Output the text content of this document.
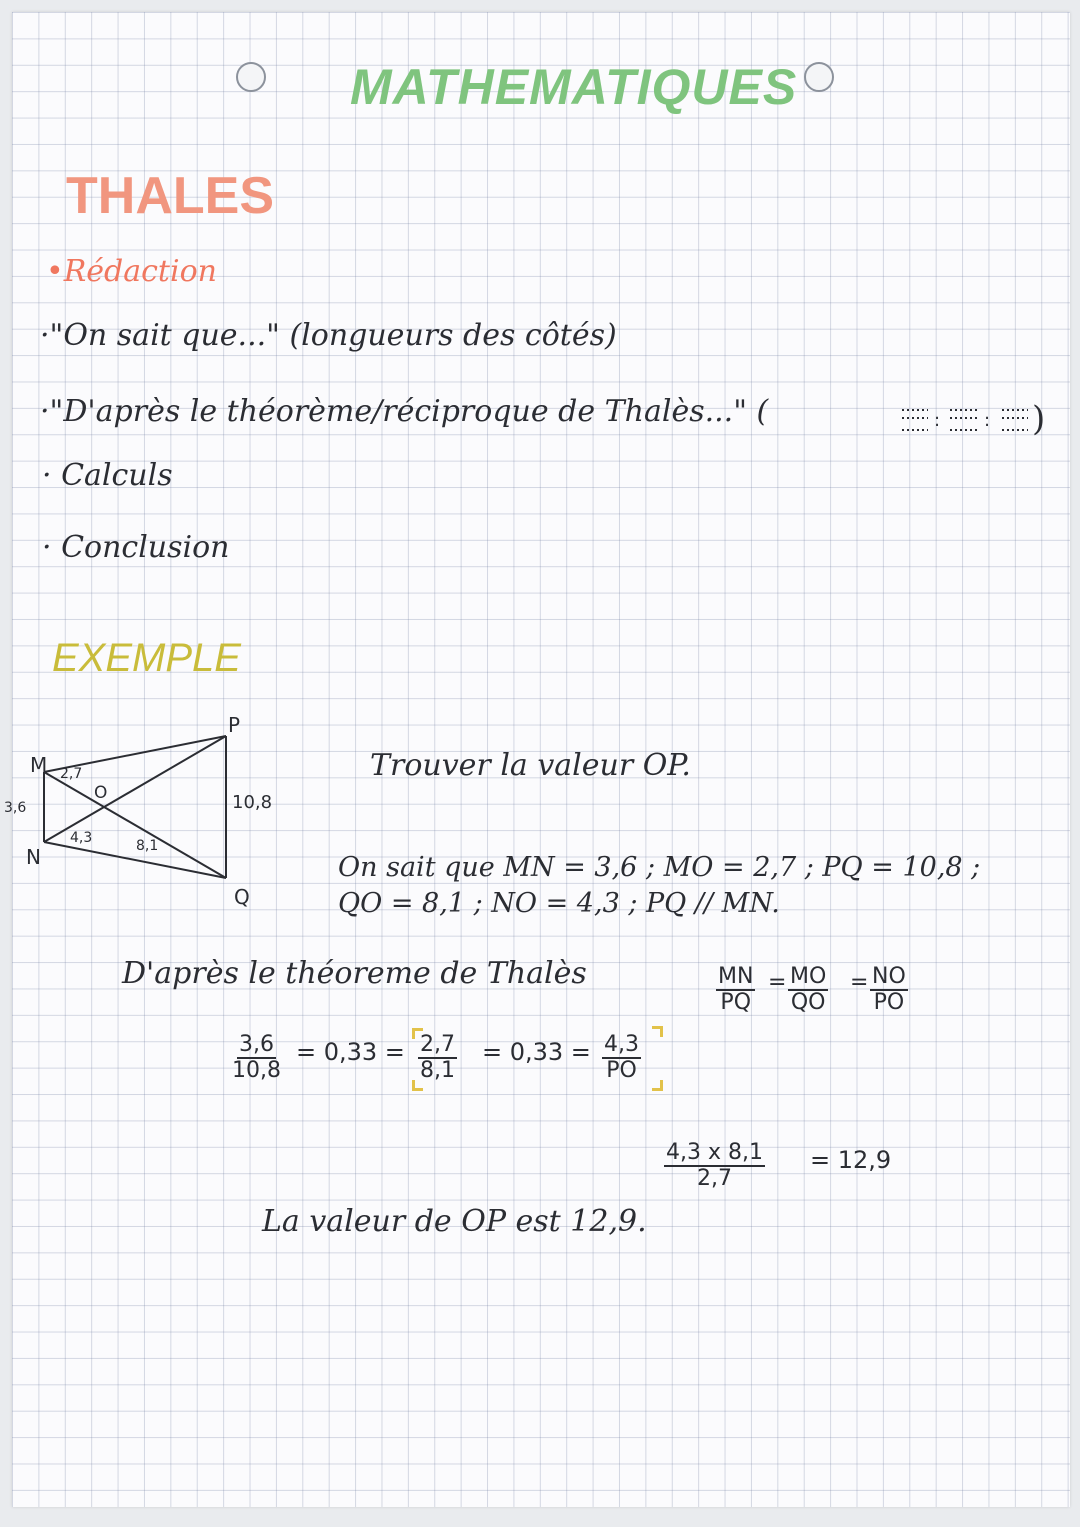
MATHEMATIQUES
THALES
•Rédaction
·"On sait que..." (longueurs des côtés)
·"D'après le théorème/réciproque de Thalès..." (	: : )
· Calculs
· Conclusion
EXEMPLE
M
N
O
P
Q
3,6
2,7
10,8
4,3	8,1
Trouver la valeur OP.
On sait que MN = 3,6 ; MO = 2,7 ; PQ = 10,8 ;
QO = 8,1 ; NO = 4,3 ; PQ // MN.
D'après le théoreme de Thalès	$\frac{MN}{PQ} = \frac{MO}{QO} = \frac{NO}{PO}$
$\frac{3,6}{10,8} = 0,33 = \frac{2,7}{8,1} = 0,33 = \frac{4,3}{PO}$
$\frac{4,3 x 8,1}{2,7} = 12,9$
La valeur de OP est 12,9.
